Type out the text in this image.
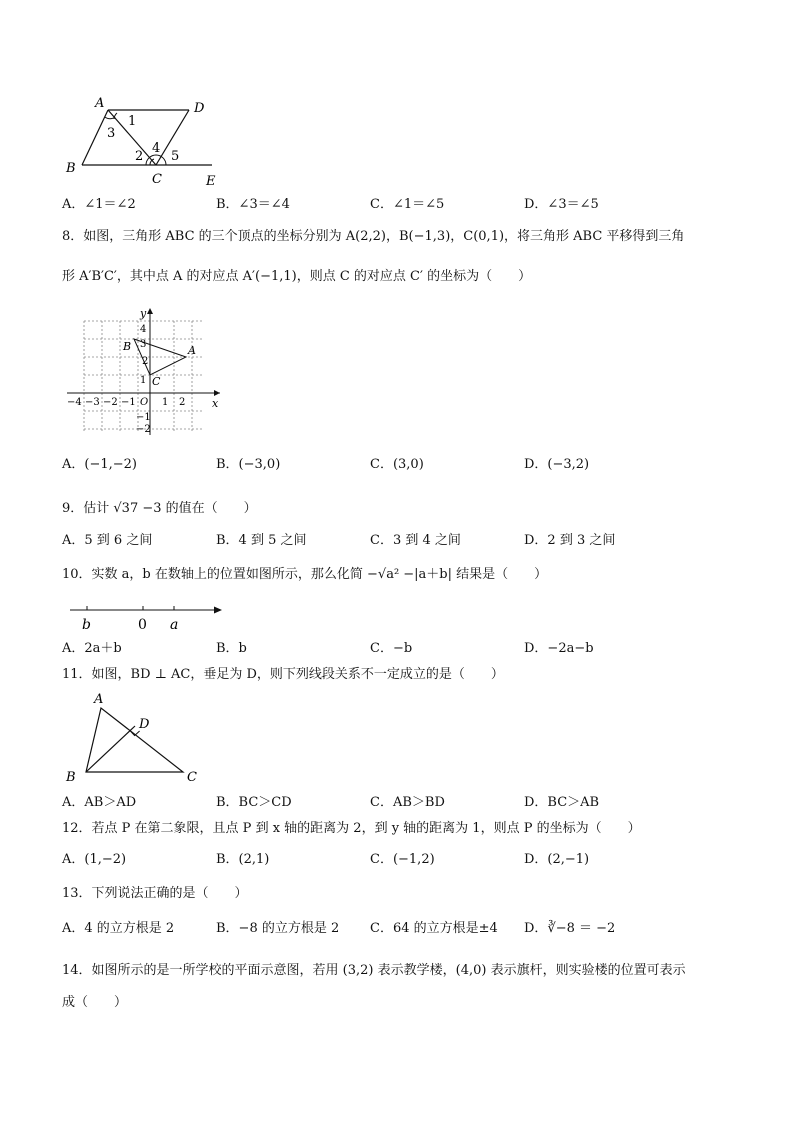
A	D
B
C	E
1
2
3
4
5
A．∠1＝∠2	B．∠3＝∠4	C．∠1＝∠5	D．∠3＝∠5
8．如图，三角形 ABC 的三个顶点的坐标分别为 A(2,2)，B(−1,3)，C(0,1)，将三角形 ABC 平移得到三角
形 A′B′C′，其中点 A 的对应点 A′(−1,1)，则点 C 的对应点 C′ 的坐标为（　　）
y
x
A
B
C
4
3
2
1
−1
−2
−4 −3 −2 −1 O 1 2
A．(−1,−2)	B．(−3,0)	C．(3,0)	D．(−3,2)
9．估计 √37 −3 的值在（　　）
A．5 到 6 之间	B．4 到 5 之间	C．3 到 4 之间	D．2 到 3 之间
10．实数 a，b 在数轴上的位置如图所示，那么化简 −√a² −|a＋b| 结果是（　　）
b	0 a
A．2a＋b	B．b	C．−b	D．−2a−b
11．如图，BD ⊥ AC，垂足为 D，则下列线段关系不一定成立的是（　　）
A
B	C
D
A．AB＞AD	B．BC＞CD	C．AB＞BD	D．BC＞AB
12．若点 P 在第二象限，且点 P 到 x 轴的距离为 2，到 y 轴的距离为 1，则点 P 的坐标为（　　）
A．(1,−2)	B．(2,1)	C．(−1,2)	D．(2,−1)
13．下列说法正确的是（　　）
A．4 的立方根是 2	B．−8 的立方根是 2 C．64 的立方根是±4 D．∛−8 ＝ −2
14．如图所示的是一所学校的平面示意图，若用 (3,2) 表示教学楼，(4,0) 表示旗杆，则实验楼的位置可表示
成（　　）
